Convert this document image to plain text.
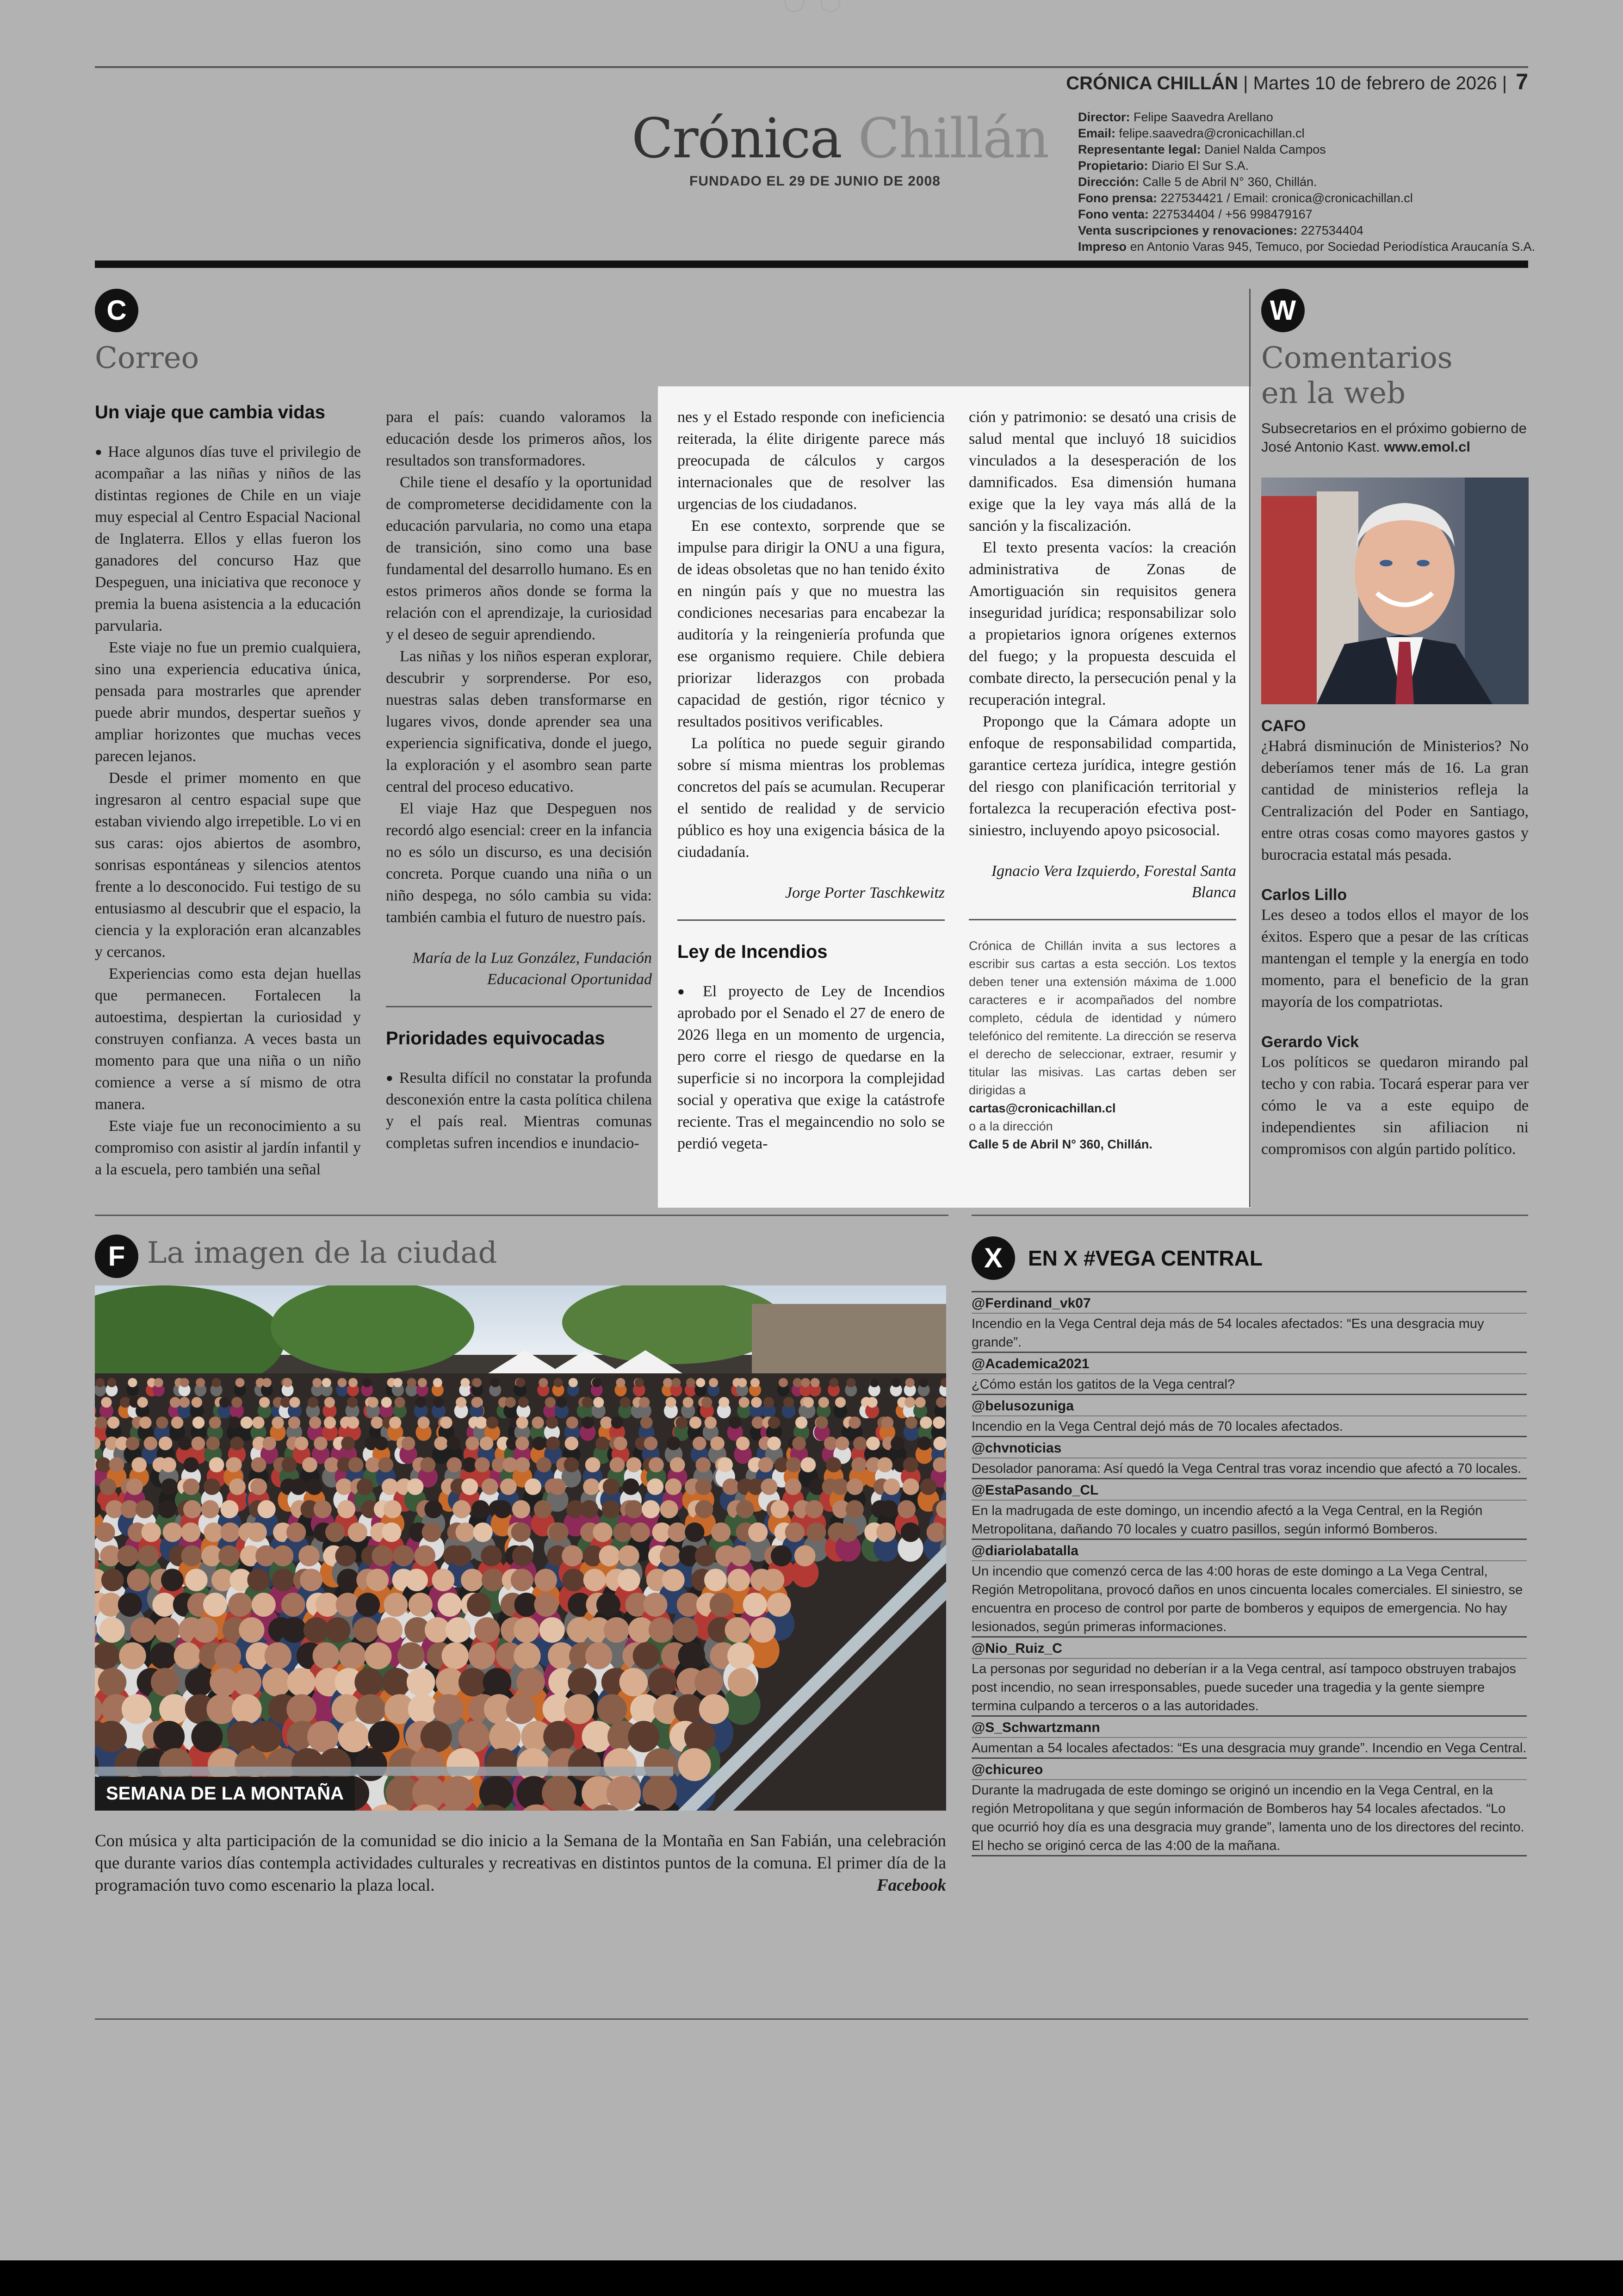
CRÓNICA CHILLÁN | Martes 10 de febrero de 2026 | 7
Crónica Chillán
FUNDADO EL 29 DE JUNIO DE 2008
Director: Felipe Saavedra Arellano
Email: felipe.saavedra@cronicachillan.cl
Representante legal: Daniel Nalda Campos
Propietario: Diario El Sur S.A.
Dirección: Calle 5 de Abril N° 360, Chillán.
Fono prensa: 227534421 / Email: cronica@cronicachillan.cl
Fono venta: 227534404 / +56 998479167
Venta suscripciones y renovaciones: 227534404
Impreso en Antonio Varas 945, Temuco, por Sociedad Periodística Araucanía S.A.
C
Correo
Un viaje que cambia vidas

● Hace algunos días tuve el privilegio de acompañar a las niñas y niños de las distintas regiones de Chile en un viaje muy especial al Centro Espacial Nacional de Inglaterra. Ellos y ellas fueron los ganadores del concurso Haz que Despeguen, una iniciativa que reconoce y premia la buena asistencia a la educación parvularia.

Este viaje no fue un premio cualquiera, sino una experiencia educativa única, pensada para mostrarles que aprender puede abrir mundos, despertar sueños y ampliar horizontes que muchas veces parecen lejanos.

Desde el primer momento en que ingresaron al centro espacial supe que estaban viviendo algo irrepetible. Lo vi en sus caras: ojos abiertos de asombro, sonrisas espontáneas y silencios atentos frente a lo desconocido. Fui testigo de su entusiasmo al descubrir que el espacio, la ciencia y la exploración eran alcanzables y cercanos.

Experiencias como esta dejan huellas que permanecen. Fortalecen la autoestima, despiertan la curiosidad y construyen confianza. A veces basta un momento para que una niña o un niño comience a verse a sí mismo de otra manera.

Este viaje fue un reconocimiento a su compromiso con asistir al jardín infantil y a la escuela, pero también una señal

para el país: cuando valoramos la educación desde los primeros años, los resultados son transformadores.

Chile tiene el desafío y la oportunidad de comprometerse decididamente con la educación parvularia, no como una etapa de transición, sino como una base fundamental del desarrollo humano. Es en estos primeros años donde se forma la relación con el aprendizaje, la curiosidad y el deseo de seguir aprendiendo.

Las niñas y los niños esperan explorar, descubrir y sorprenderse. Por eso, nuestras salas deben transformarse en lugares vivos, donde aprender sea una experiencia significativa, donde el juego, la exploración y el asombro sean parte central del proceso educativo.

El viaje Haz que Despeguen nos recordó algo esencial: creer en la infancia no es sólo un discurso, es una decisión concreta. Porque cuando una niña o un niño despega, no sólo cambia su vida: también cambia el futuro de nuestro país.

María de la Luz González, Fundación Educacional Oportunidad
Prioridades equivocadas

● Resulta difícil no constatar la profunda desconexión entre la casta política chilena y el país real. Mientras comunas completas sufren incendios e inundacio-

nes y el Estado responde con ineficiencia reiterada, la élite dirigente parece más preocupada de cálculos y cargos internacionales que de resolver las urgencias de los ciudadanos.

En ese contexto, sorprende que se impulse para dirigir la ONU a una figura, de ideas obsoletas que no han tenido éxito en ningún país y que no muestra las condiciones necesarias para encabezar la auditoría y la reingeniería profunda que ese organismo requiere. Chile debiera priorizar liderazgos con probada capacidad de gestión, rigor técnico y resultados positivos verificables.

La política no puede seguir girando sobre sí misma mientras los problemas concretos del país se acumulan. Recuperar el sentido de realidad y de servicio público es hoy una exigencia básica de la ciudadanía.

Jorge Porter Taschkewitz
Ley de Incendios

● El proyecto de Ley de Incendios aprobado por el Senado el 27 de enero de 2026 llega en un momento de urgencia, pero corre el riesgo de quedarse en la superficie si no incorpora la complejidad social y operativa que exige la catástrofe reciente. Tras el megaincendio no solo se perdió vegeta-

ción y patrimonio: se desató una crisis de salud mental que incluyó 18 suicidios vinculados a la desesperación de los damnificados. Esa dimensión humana exige que la ley vaya más allá de la sanción y la fiscalización.

El texto presenta vacíos: la creación administrativa de Zonas de Amortiguación sin requisitos genera inseguridad jurídica; responsabilizar solo a propietarios ignora orígenes externos del fuego; y la propuesta descuida el combate directo, la persecución penal y la recuperación integral.

Propongo que la Cámara adopte un enfoque de responsabilidad compartida, garantice certeza jurídica, integre gestión del riesgo con planificación territorial y fortalezca la recuperación efectiva post-siniestro, incluyendo apoyo psicosocial.

Ignacio Vera Izquierdo, Forestal Santa Blanca
Crónica de Chillán invita a sus lectores a escribir sus cartas a esta sección. Los textos deben tener una extensión máxima de 1.000 caracteres e ir acompañados del nombre completo, cédula de identidad y número telefónico del remitente. La dirección se reserva el derecho de seleccionar, extraer, resumir y titular las misivas. Las cartas deben ser dirigidas a
cartas@cronicachillan.cl
o a la dirección
Calle 5 de Abril N° 360, Chillán.
W
Comentarios
en la web
Subsecretarios en el próximo gobierno de José Antonio Kast. www.emol.cl
CAFO
¿Habrá disminución de Ministerios? No deberíamos tener más de 16. La gran cantidad de ministerios refleja la Centralización del Poder en Santiago, entre otras cosas como mayores gastos y burocracia estatal más pesada.
Carlos Lillo
Les deseo a todos ellos el mayor de los éxitos. Espero que a pesar de las críticas mantengan el temple y la energía en todo momento, para el beneficio de la gran mayoría de los compatriotas.
Gerardo Vick
Los políticos se quedaron mirando pal techo y con rabia. Tocará esperar para ver cómo le va a este equipo de independientes sin afiliacion ni compromisos con algún partido político.
F La imagen de la ciudad
SEMANA DE LA MONTAÑA
Con música y alta participación de la comunidad se dio inicio a la Semana de la Montaña en San Fabián, una celebración que durante varios días contempla actividades culturales y recreativas en distintos puntos de la comuna. El primer día de la programación tuvo como escenario la plaza local.	Facebook
X	EN X #VEGA CENTRAL
@Ferdinand_vk07
Incendio en la Vega Central deja más de 54 locales afectados: “Es una desgracia muy grande”.
@Academica2021
¿Cómo están los gatitos de la Vega central?
@belusozuniga
Incendio en la Vega Central dejó más de 70 locales afectados.
@chvnoticias
Desolador panorama: Así quedó la Vega Central tras voraz incendio que afectó a 70 locales.
@EstaPasando_CL
En la madrugada de este domingo, un incendio afectó a la Vega Central, en la Región Metropolitana, dañando 70 locales y cuatro pasillos, según informó Bomberos.
@diariolabatalla
Un incendio que comenzó cerca de las 4:00 horas de este domingo a La Vega Central, Región Metropolitana, provocó daños en unos cincuenta locales comerciales. El siniestro, se encuentra en proceso de control por parte de bomberos y equipos de emergencia. No hay lesionados, según primeras informaciones.
@Nio_Ruiz_C
La personas por seguridad no deberían ir a la Vega central, así tampoco obstruyen trabajos post incendio, no sean irresponsables, puede suceder una tragedia y la gente siempre termina culpando a terceros o a las autoridades.
@S_Schwartzmann
Aumentan a 54 locales afectados: “Es una desgracia muy grande”. Incendio en Vega Central.
@chicureo
Durante la madrugada de este domingo se originó un incendio en la Vega Central, en la región Metropolitana y que según información de Bomberos hay 54 locales afectados. “Lo que ocurrió hoy día es una desgracia muy grande”, lamenta uno de los directores del recinto. El hecho se originó cerca de las 4:00 de la mañana.
